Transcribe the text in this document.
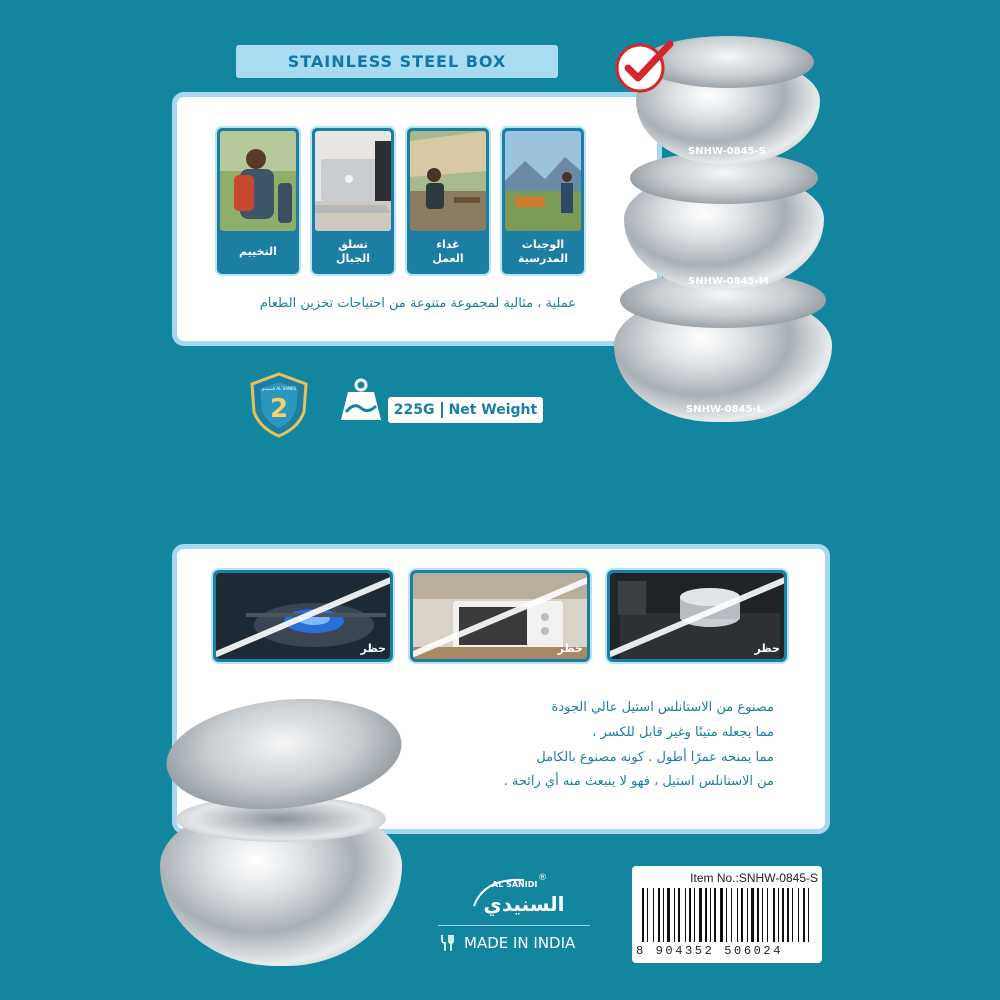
STAINLESS STEEL BOX
التخييم
تسلق
الجبال
غداء
العمل
الوجبات
المدرسية
عملية ، مثالية لمجموعة متنوعة من احتياجات تخزين الطعام
2
السنيدي AL SANIDI
225G Net Weight	SNHW-0845-L
SNHW-0845-M
SNHW-0845-S
حظر	حظر	حظر
مصنوع من الاستانلس استيل عالي الجودة
مما يجعله متينًا وغير قابل للكسر ،
مما يمنحه عمرًا أطول . كونه مصنوع بالكامل
من الاستانلس استيل ، فهو لا ينبعث منه أي رائحة .
AL SANIDI
السنيدي
®
MADE IN INDIA
Item No.:SNHW-0845-S
8 904352 506024
